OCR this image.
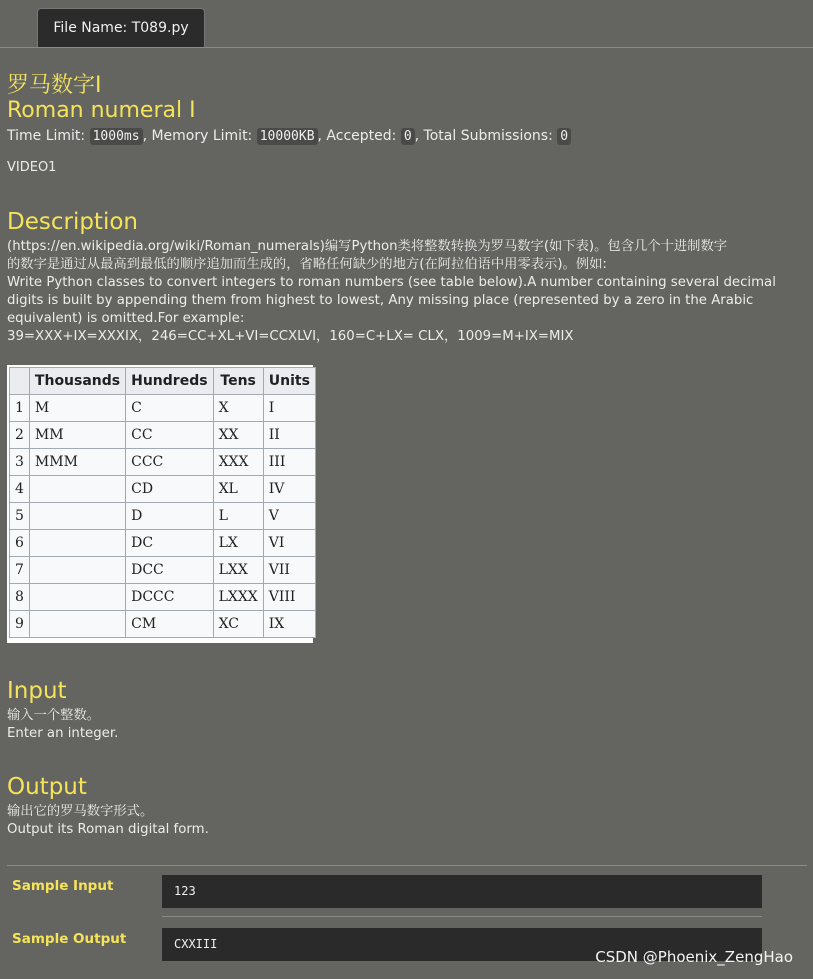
File Name: T089.py
罗马数字I
Roman numeral I
Time Limit: 1000ms , Memory Limit: 10000KB , Accepted: 0 , Total Submissions: 0
VIDEO1
Description
(https://en.wikipedia.org/wiki/Roman_numerals)编写Python类将整数转换为罗马数字(如下表)。包含几个十进制数字
的数字是通过从最高到最低的顺序追加而生成的，省略任何缺少的地方(在阿拉伯语中用零表示)。例如:
Write Python classes to convert integers to roman numbers (see table below).A number containing several decimal
digits is built by appending them from highest to lowest, Any missing place (represented by a zero in the Arabic
equivalent) is omitted.For example:
39=XXX+IX=XXXIX，246=CC+XL+VI=CCXLVI，160=C+LX= CLX，1009=M+IX=MIX
	Thousands	Hundreds	Tens	Units
1	M	C	X	I
2	MM	CC	XX	II
3	MMM	CCC	XXX	III
4		CD	XL	IV
5		D	L	V
6		DC	LX	VI
7		DCC	LXX	VII
8		DCCC	LXXX	VIII
9		CM	XC	IX
Input
输入一个整数。
Enter an integer.
Output
输出它的罗马数字形式。
Output its Roman digital form.
Sample Input	123
Sample Output	CXXIII
CSDN @Phoenix_ZengHao
